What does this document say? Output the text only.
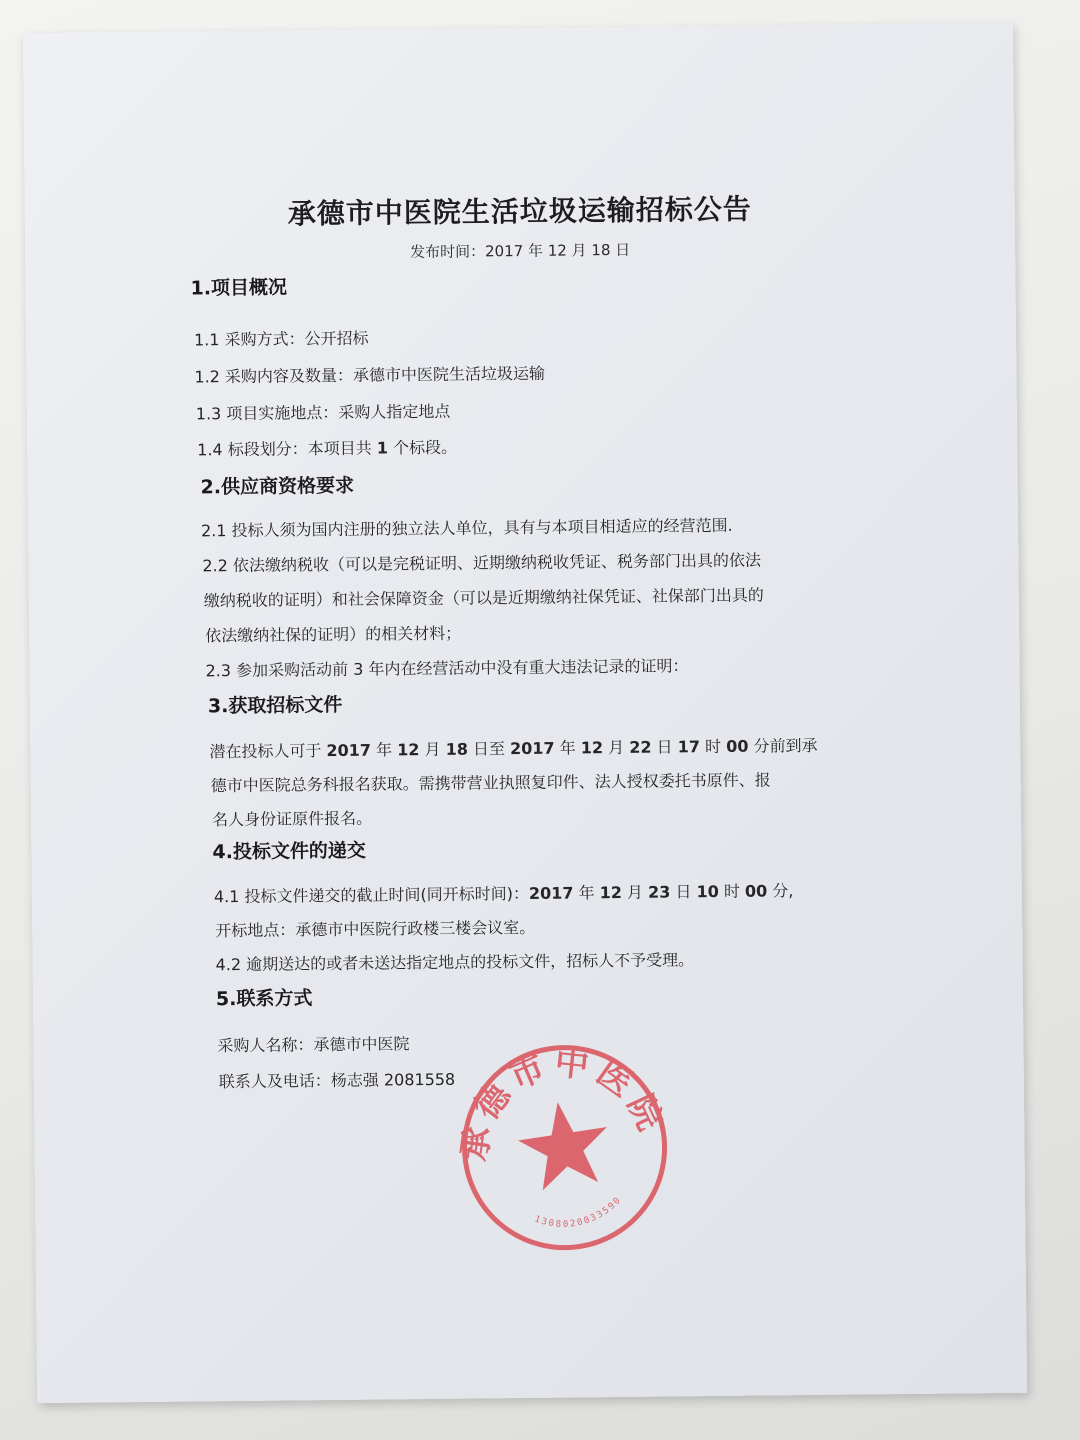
承德市中医院生活垃圾运输招标公告
发布时间：2017 年 12 月 18 日
1.项目概况
1.1 采购方式：公开招标
1.2 采购内容及数量：承德市中医院生活垃圾运输
1.3 项目实施地点：采购人指定地点
1.4 标段划分：本项目共 1 个标段。
2.供应商资格要求
2.1 投标人须为国内注册的独立法人单位，具有与本项目相适应的经营范围.
2.2 依法缴纳税收（可以是完税证明、近期缴纳税收凭证、税务部门出具的依法
缴纳税收的证明）和社会保障资金（可以是近期缴纳社保凭证、社保部门出具的
依法缴纳社保的证明）的相关材料；
2.3 参加采购活动前 3 年内在经营活动中没有重大违法记录的证明：
3.获取招标文件
潜在投标人可于 2017 年 12 月 18 日至 2017 年 12 月 22 日 17 时 00 分前到承
德市中医院总务科报名获取。需携带营业执照复印件、法人授权委托书原件、报
名人身份证原件报名。
4.投标文件的递交
4.1 投标文件递交的截止时间(同开标时间)：2017 年 12 月 23 日 10 时 00 分,
开标地点：承德市中医院行政楼三楼会议室。
4.2 逾期送达的或者未送达指定地点的投标文件，招标人不予受理。
5.联系方式
采购人名称：承德市中医院
联系人及电话：杨志强 2081558
承德市中医院
1308020033590
